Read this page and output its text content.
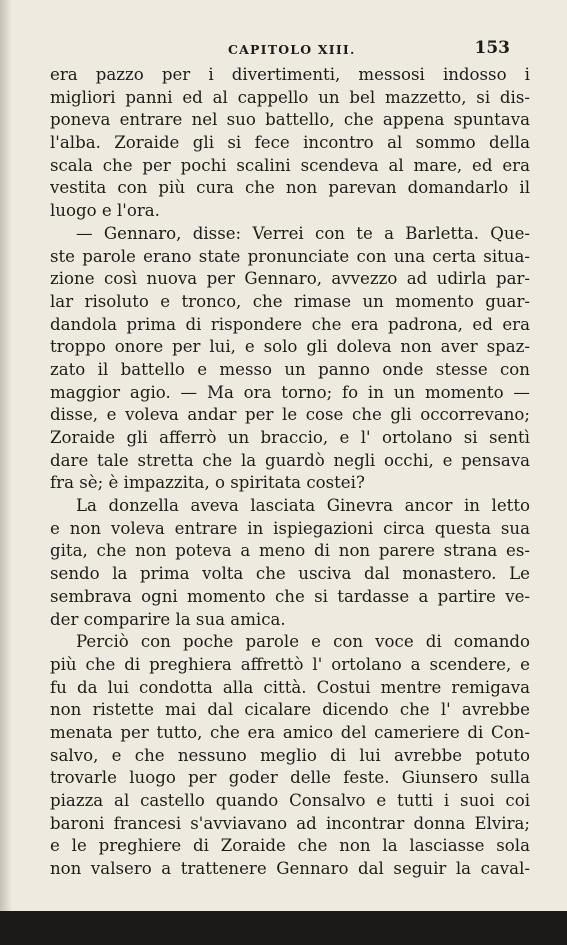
CAPITOLO XIII.	153
era pazzo per i divertimenti, messosi indosso i
migliori panni ed al cappello un bel mazzetto, si dis-
poneva entrare nel suo battello, che appena spuntava
l'alba. Zoraide gli si fece incontro al sommo della
scala che per pochi scalini scendeva al mare, ed era
vestita con più cura che non parevan domandarlo il
luogo e l'ora.
— Gennaro, disse: Verrei con te a Barletta. Que-
ste parole erano state pronunciate con una certa situa-
zione così nuova per Gennaro, avvezzo ad udirla par-
lar risoluto e tronco, che rimase un momento guar-
dandola prima di rispondere che era padrona, ed era
troppo onore per lui, e solo gli doleva non aver spaz-
zato il battello e messo un panno onde stesse con
maggior agio. — Ma ora torno; fo in un momento —
disse, e voleva andar per le cose che gli occorrevano;
Zoraide gli afferrò un braccio, e l' ortolano si sentì
dare tale stretta che la guardò negli occhi, e pensava
fra sè; è impazzita, o spiritata costei?
La donzella aveva lasciata Ginevra ancor in letto
e non voleva entrare in ispiegazioni circa questa sua
gita, che non poteva a meno di non parere strana es-
sendo la prima volta che usciva dal monastero. Le
sembrava ogni momento che si tardasse a partire ve-
der comparire la sua amica.
Perciò con poche parole e con voce di comando
più che di preghiera affrettò l' ortolano a scendere, e
fu da lui condotta alla città. Costui mentre remigava
non ristette mai dal cicalare dicendo che l' avrebbe
menata per tutto, che era amico del cameriere di Con-
salvo, e che nessuno meglio di lui avrebbe potuto
trovarle luogo per goder delle feste. Giunsero sulla
piazza al castello quando Consalvo e tutti i suoi coi
baroni francesi s'avviavano ad incontrar donna Elvira;
e le preghiere di Zoraide che non la lasciasse sola
non valsero a trattenere Gennaro dal seguir la caval-
